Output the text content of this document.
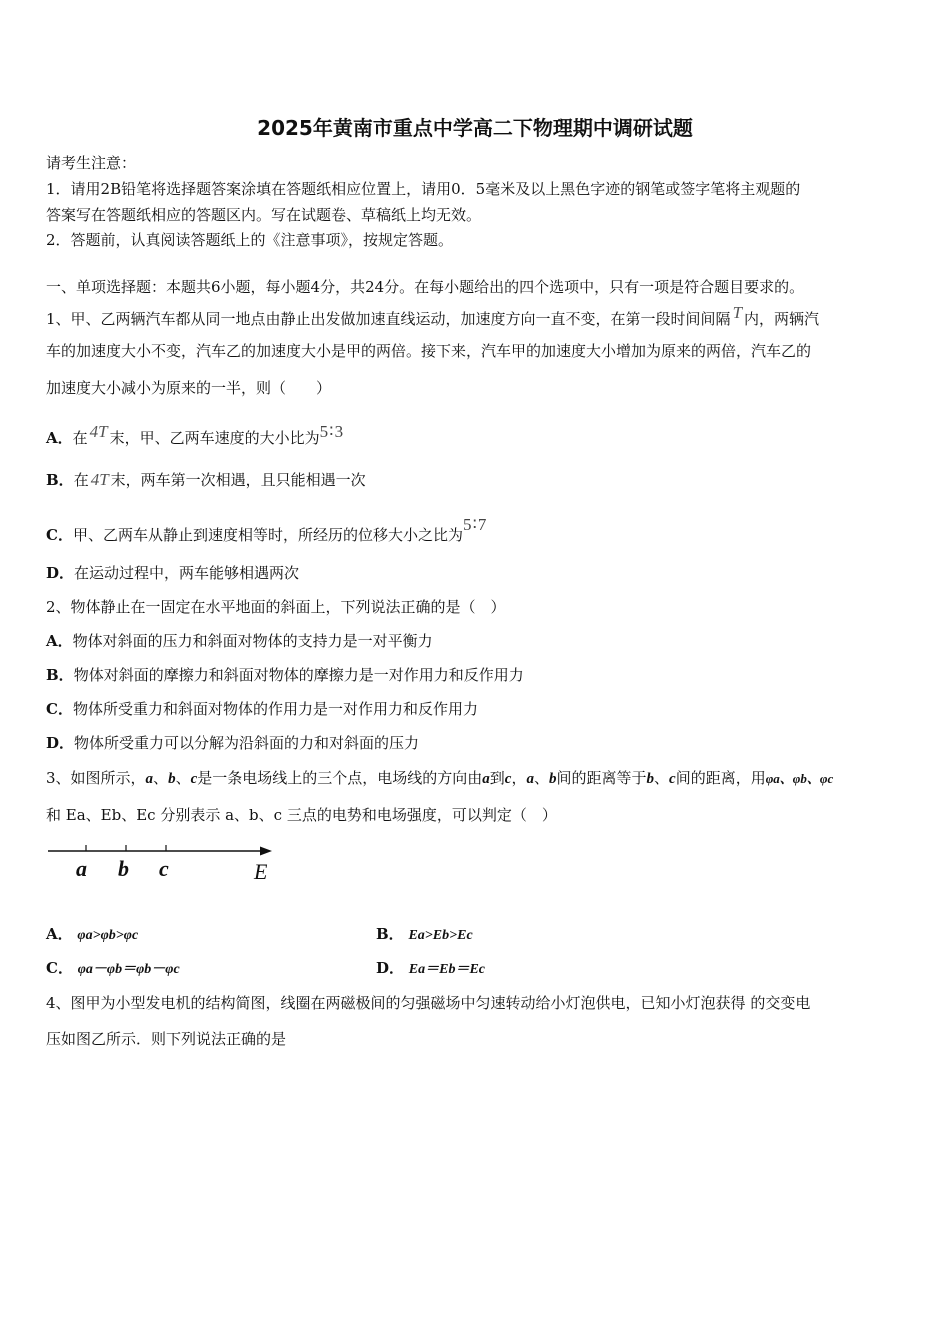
2025年黄南市重点中学高二下物理期中调研试题
请考生注意：
1．请用2B铅笔将选择题答案涂填在答题纸相应位置上，请用0．5毫米及以上黑色字迹的钢笔或签字笔将主观题的
答案写在答题纸相应的答题区内。写在试题卷、草稿纸上均无效。
2．答题前，认真阅读答题纸上的《注意事项》，按规定答题。
一、单项选择题：本题共6小题，每小题4分，共24分。在每小题给出的四个选项中，只有一项是符合题目要求的。
1、甲、乙两辆汽车都从同一地点由静止出发做加速直线运动，加速度方向一直不变，在第一段时间间隔 T 内，两辆汽
车的加速度大小不变，汽车乙的加速度大小是甲的两倍。接下来，汽车甲的加速度大小增加为原来的两倍，汽车乙的
加速度大小减小为原来的一半，则（　　）
A．在 4T 末，甲、乙两车速度的大小比为5∶3
B．在 4T 末，两车第一次相遇，且只能相遇一次
C．甲、乙两车从静止到速度相等时，所经历的位移大小之比为5∶7
D．在运动过程中，两车能够相遇两次
2、物体静止在一固定在水平地面的斜面上，下列说法正确的是（　）
A．物体对斜面的压力和斜面对物体的支持力是一对平衡力
B．物体对斜面的摩擦力和斜面对物体的摩擦力是一对作用力和反作用力
C．物体所受重力和斜面对物体的作用力是一对作用力和反作用力
D．物体所受重力可以分解为沿斜面的力和对斜面的压力
3、如图所示，a、b、c是一条电场线上的三个点，电场线的方向由a到c，a、b间的距离等于b、c间的距离，用φa、φb、φc
和 Ea、Eb、Ec 分别表示 a、b、c 三点的电势和电场强度，可以判定（　）
a b c	E
A． φa>φb>φc	B． Ea>Eb>Ec
C． φa－φb＝φb－φc	D． Ea＝Eb＝Ec
4、图甲为小型发电机的结构简图，线圈在两磁极间的匀强磁场中匀速转动给小灯泡供电，已知小灯泡获得 的交变电
压如图乙所示．则下列说法正确的是
